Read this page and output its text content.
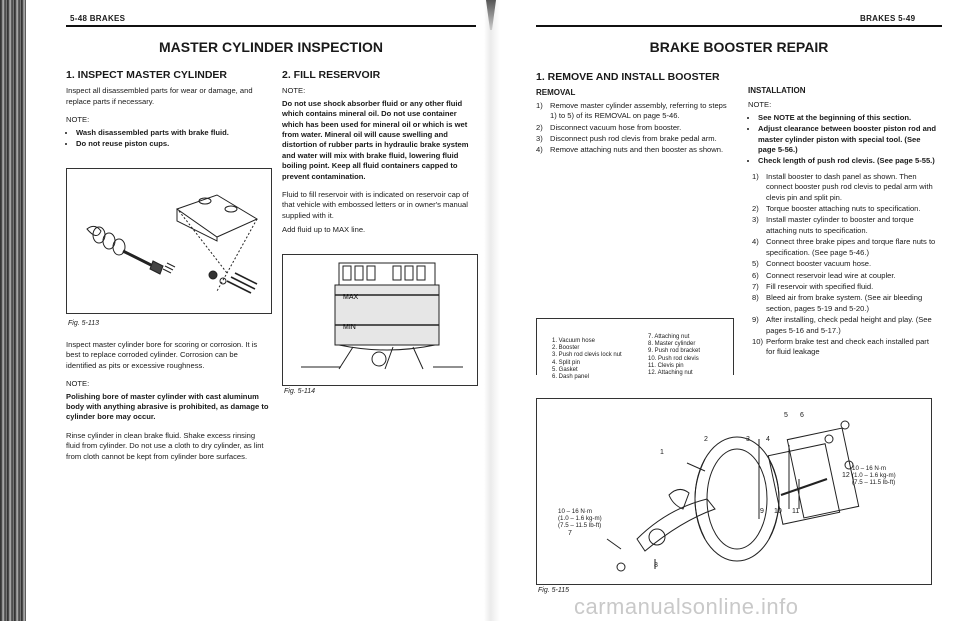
5-48 BRAKES
MASTER CYLINDER INSPECTION
1. INSPECT MASTER CYLINDER

Inspect all disassembled parts for wear or damage, and replace parts if necessary.

NOTE:
• Wash disassembled parts with brake fluid.
• Do not reuse piston cups.
Fig. 5-113

Inspect master cylinder bore for scoring or corrosion. It is best to replace corroded cylinder. Corrosion can be identified as pits or excessive roughness.

NOTE:

Polishing bore of master cylinder with cast aluminum body with anything abrasive is prohibited, as damage to cylinder bore may occur.

Rinse cylinder in clean brake fluid. Shake excess rinsing fluid from cylinder. Do not use a cloth to dry cylinder, as lint from cloth cannot be kept from cylinder bore surfaces.

2. FILL RESERVOIR
NOTE:

Do not use shock absorber fluid or any other fluid which contains mineral oil. Do not use container which has been used for mineral oil or which is wet from water. Mineral oil will cause swelling and distortion of rubber parts in hydraulic brake system and water will mix with brake fluid, lowering fluid boiling point. Keep all fluid containers capped to prevent contamination.

Fluid to fill reservoir with is indicated on reservoir cap of that vehicle with embossed letters or in owner's manual supplied with it.

Add fluid up to MAX line.

MAX
MIN
Fig. 5-114
BRAKES 5-49
BRAKE BOOSTER REPAIR
1. REMOVE AND INSTALL BOOSTER
REMOVAL
1) Remove master cylinder assembly, referring to steps 1) to 5) of its REMOVAL on page 5-46.
2) Disconnect vacuum hose from booster.
3) Disconnect push rod clevis from brake pedal arm.
4) Remove attaching nuts and then booster as shown.
INSTALLATION
NOTE:
• See NOTE at the beginning of this section.
• Adjust clearance between booster piston rod and master cylinder piston with special tool. (See page 5-56.)
• Check length of push rod clevis. (See page 5-55.)
1) Install booster to dash panel as shown. Then connect booster push rod clevis to pedal arm with clevis pin and split pin.
2) Torque booster attaching nuts to specification.
3) Install master cylinder to booster and torque attaching nuts to specification.
4) Connect three brake pipes and torque flare nuts to specification. (See page 5-46.)
5) Connect booster vacuum hose.
6) Connect reservoir lead wire at coupler.
7) Fill reservoir with specified fluid.
8) Bleed air from brake system. (See air bleeding section, pages 5-19 and 5-20.)
9) After installing, check pedal height and play. (See pages 5-16 and 5-17.)
10) Perform brake test and check each installed part for fluid leakage
1. Vacuum hose
2. Booster
3. Push rod clevis lock nut
4. Split pin
5. Gasket
6. Dash panel
7. Attaching nut
8. Master cylinder
9. Push rod bracket
10. Push rod clevis
11. Clevis pin
12. Attaching nut
10 – 16 N·m
(1.0 – 1.6 kg-m)
(7.5 – 11.5 lb-ft)
10 – 16 N·m
(1.0 – 1.6 kg-m)
(7.5 – 11.5 lb-ft)
12
1
2	3 4
5 6
7
8
9 10 11
Fig. 5-115
carmanualsonline.info
